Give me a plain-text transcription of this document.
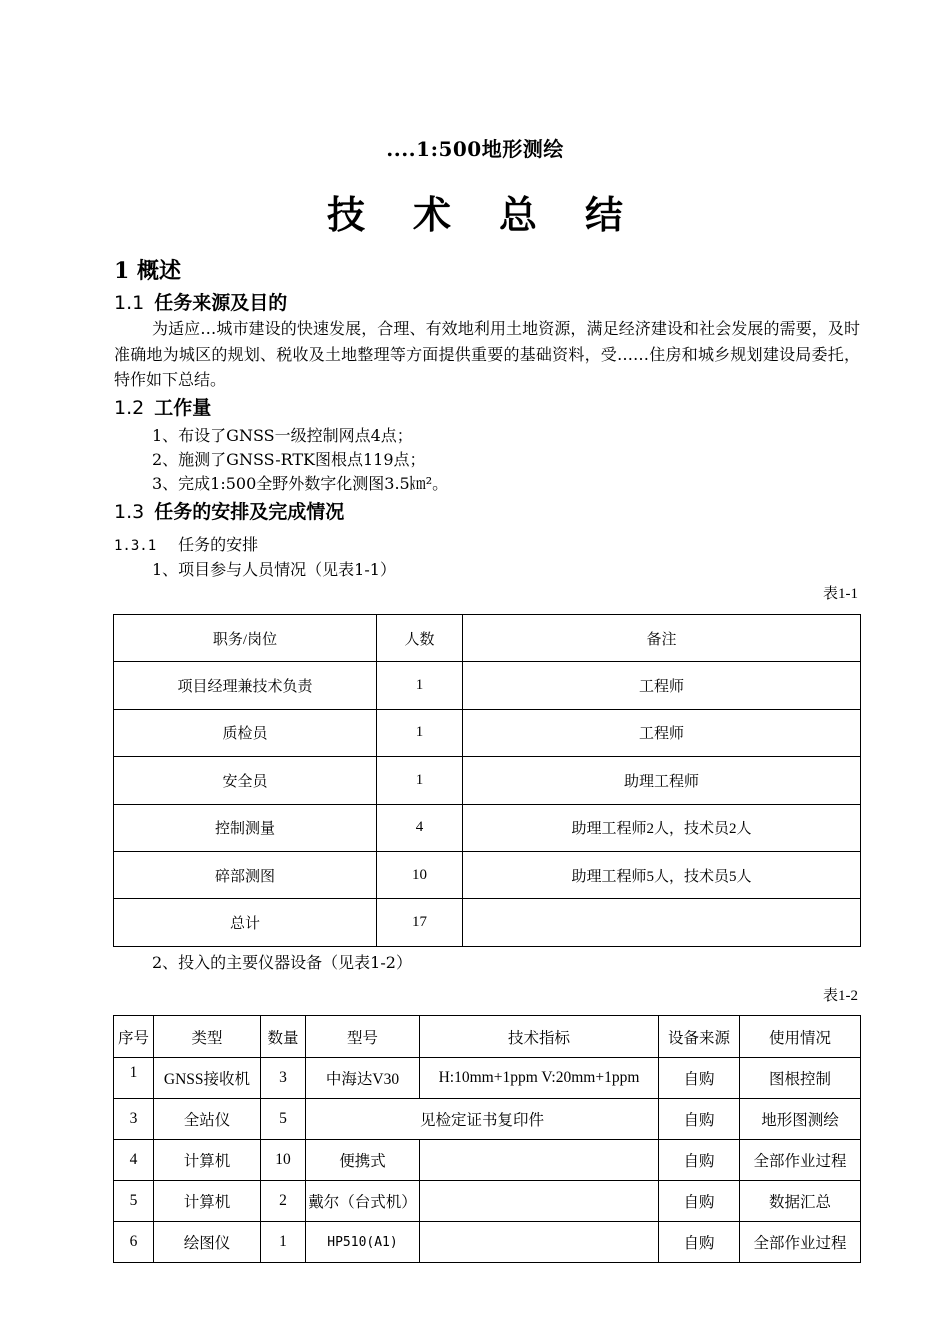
....1:500地形测绘
技术总结
1 概述
1.1 任务来源及目的
为适应…城市建设的快速发展，合理、有效地利用土地资源，满足经济建设和社会发展的需要，及时准确地为城区的规划、税收及土地整理等方面提供重要的基础资料，受……住房和城乡规划建设局委托，特作如下总结。
1.2 工作量
1、布设了GNSS一级控制网点4点；
2、施测了GNSS-RTK图根点119点；
3、完成1:500全野外数字化测图3.5㎞²。
1.3 任务的安排及完成情况
1.3.1 任务的安排
1、项目参与人员情况（见表1-1）
表1-1
职务/岗位	人数	备注
项目经理兼技术负责	1	工程师
质检员	1	工程师
安全员	1	助理工程师
控制测量	4	助理工程师2人，技术员2人
碎部测图	10	助理工程师5人，技术员5人
总计	17	
2、投入的主要仪器设备（见表1-2）
表1-2
序号	类型	数量	型号	技术指标	设备来源	使用情况
1	GNSS接收机	3	中海达V30	H:10mm+1ppm V:20mm+1ppm	自购	图根控制
3	全站仪	5	见检定证书复印件		自购	地形图测绘
4	计算机	10	便携式		自购	全部作业过程
5	计算机	2	戴尔（台式机）		自购	数据汇总
6	绘图仪	1	HP510(A1)		自购	全部作业过程
